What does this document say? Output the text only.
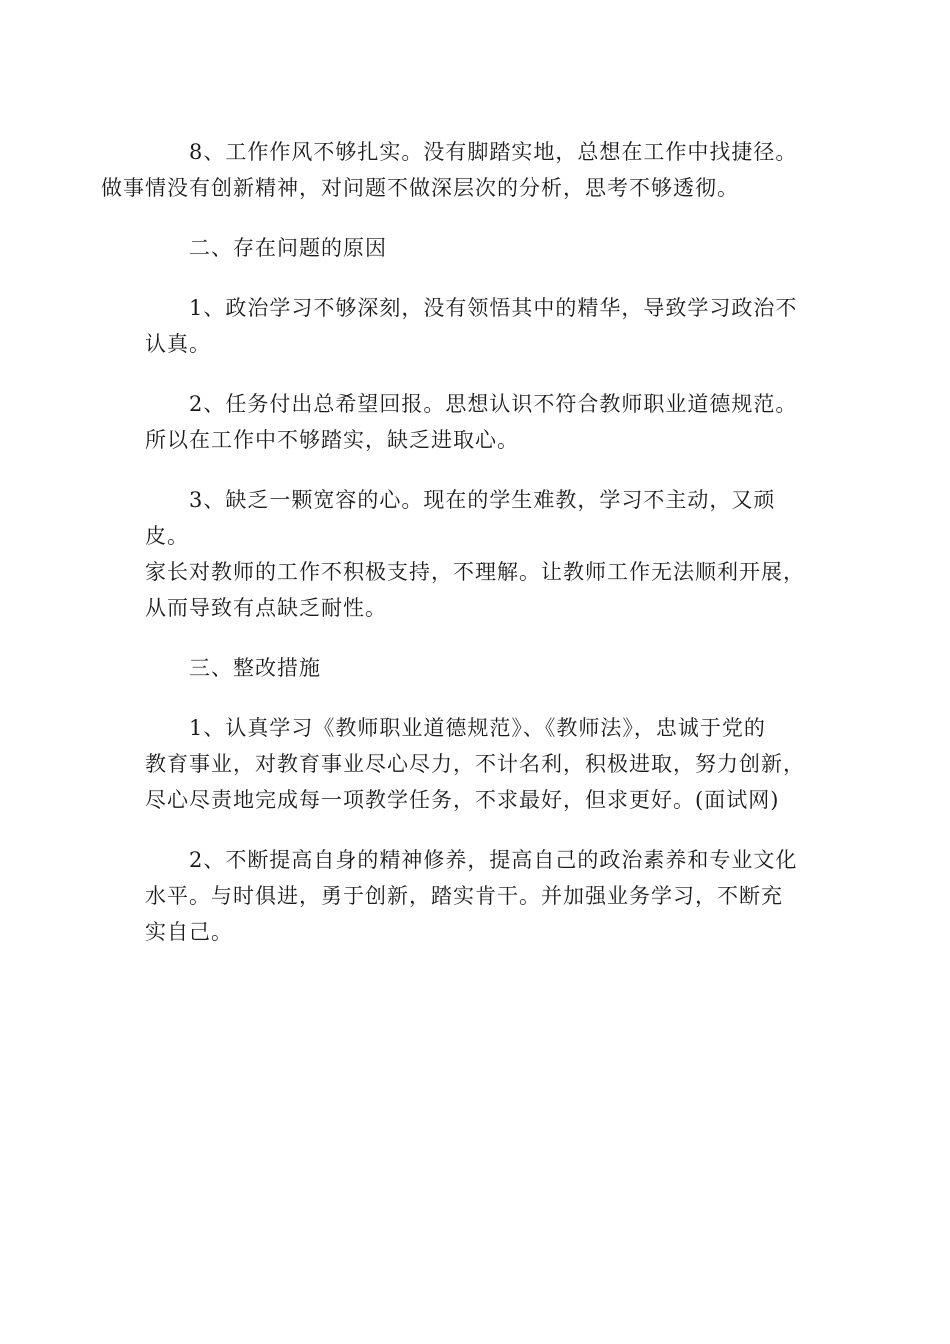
8、工作作风不够扎实。没有脚踏实地，总想在工作中找捷径。
做事情没有创新精神，对问题不做深层次的分析，思考不够透彻。

二、存在问题的原因

1、政治学习不够深刻，没有领悟其中的精华，导致学习政治不
认真。

2、任务付出总希望回报。思想认识不符合教师职业道德规范。
所以在工作中不够踏实，缺乏进取心。

3、缺乏一颗宽容的心。现在的学生难教，学习不主动，又顽皮。
家长对教师的工作不积极支持，不理解。让教师工作无法顺利开展，
从而导致有点缺乏耐性。

三、整改措施

1、认真学习《教师职业道德规范》、《教师法》，忠诚于党的
教育事业，对教育事业尽心尽力，不计名利，积极进取，努力创新，
尽心尽责地完成每一项教学任务，不求最好，但求更好。(面试网)

2、不断提高自身的精神修养，提高自己的政治素养和专业文化
水平。与时俱进，勇于创新，踏实肯干。并加强业务学习，不断充
实自己。
